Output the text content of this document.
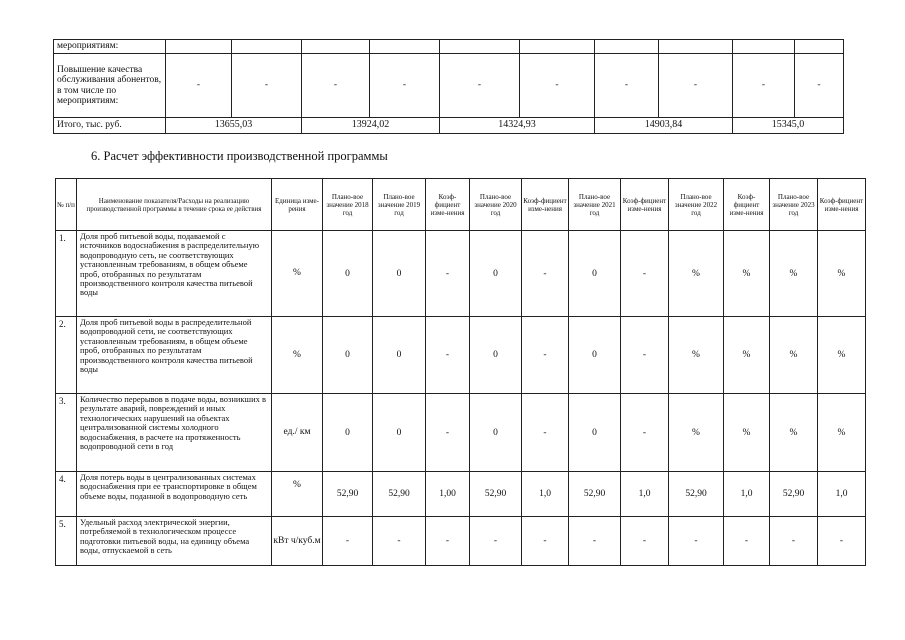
мероприятиям:										
Повышение качества обслуживания абонентов, в том числе по мероприятиям:	-	-	-	-	-	-	-	-	-	-
Итого, тыс. руб.	13655,03		13924,02		14324,93		14903,84		15345,0	
6. Расчет эффективности производственной программы
№ п/п	Наименование показателя/Расходы на реализацию производственной программы в течение срока ее действия	Единица изме-рения	Плано-вое значение 2018 год	Плано-вое значение 2019 год	Коэф-фициент изме-нения	Плано-вое значение 2020 год	Коэф-фициент изме-нения	Плано-вое значение 2021 год	Коэф-фициент изме-нения	Плано-вое значение 2022 год	Коэф-фициент изме-нения	Плано-вое значение 2023 год	Коэф-фициент изме-нения
1.	Доля проб питьевой воды, подаваемой с источников водоснабжения в распределительную водопроводную сеть, не соответствующих установленным требованиям, в общем объеме проб, отобранных по результатам производственного контроля качества питьевой воды	%	0	0	-	0	-	0	-	%	%	%	%
2.	Доля проб питьевой воды в распределительной водопроводной сети, не соответствующих установленным требованиям, в общем объеме проб, отобранных по результатам производственного контроля качества питьевой воды	%	0	0	-	0	-	0	-	%	%	%	%
3.	Количество перерывов в подаче воды, возникших в результате аварий, повреждений и иных технологических нарушений на объектах централизованной системы холодного водоснабжения, в расчете на протяженность водопроводной сети в год	ед./ км	0	0	-	0	-	0	-	%	%	%	%
4.	Доля потерь воды в централизованных системах водоснабжения при ее транспортировке в общем объеме воды, поданной в водопроводную сеть	%	52,90	52,90	1,00	52,90	1,0	52,90	1,0	52,90	1,0	52,90	1,0
5.	Удельный расход электрической энергии, потребляемой в технологическом процессе подготовки питьевой воды, на единицу объема воды, отпускаемой в сеть	кВт ч/куб.м	-	-	-	-	-	-	-	-	-	-	-
